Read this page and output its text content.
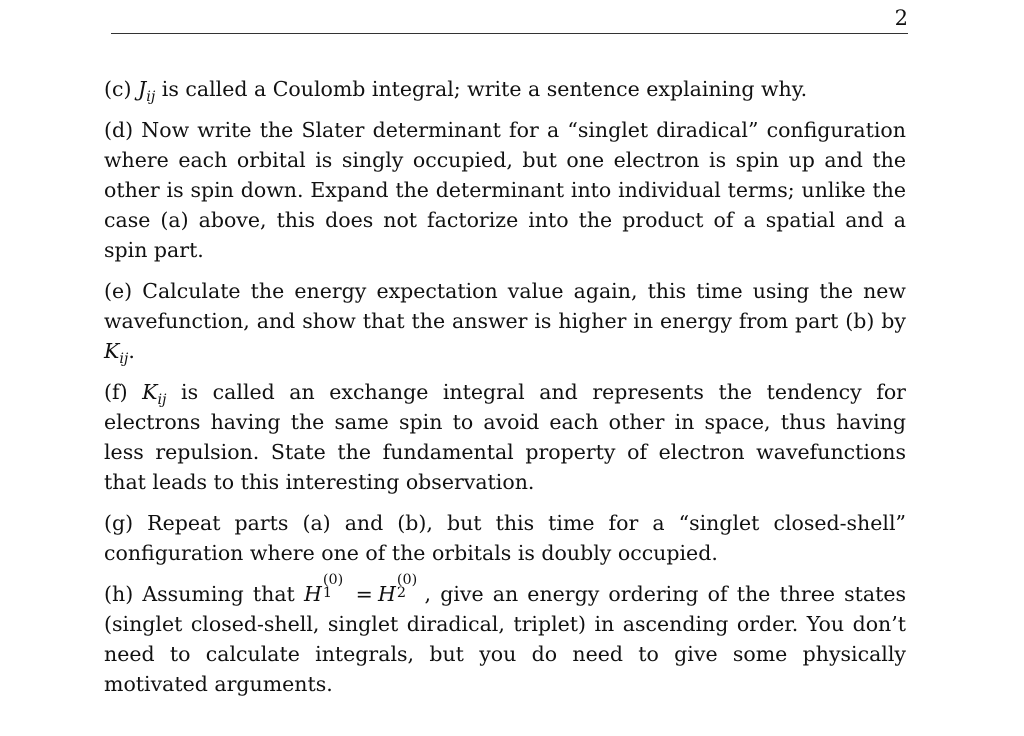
2

(c) $J_{ij}$ is called a Coulomb integral; write a sentence explaining why.

(d) Now write the Slater determinant for a “singlet diradical” configuration where each orbital is singly occupied, but one electron is spin up and the other is spin down. Expand the determinant into individual terms; unlike the case (a) above, this does not factorize into the product of a spatial and a spin part.

(e) Calculate the energy expectation value again, this time using the new wavefunction, and show that the answer is higher in energy from part (b) by $K_{ij}$.

(f) $K_{ij}$ is called an exchange integral and represents the tendency for electrons having the same spin to avoid each other in space, thus having less repulsion. State the fundamental property of electron wavefunctions that leads to this interesting observation.

(g) Repeat parts (a) and (b), but this time for a “singlet closed-shell” configuration where one of the orbitals is doubly occupied.

(h) Assuming that H
(0)
1 = H
(0)
2 , give an energy ordering of the three states (singlet closed-shell, singlet diradical, triplet) in ascending order. You don’t need to calculate integrals, but you do need to give some physically motivated arguments.
